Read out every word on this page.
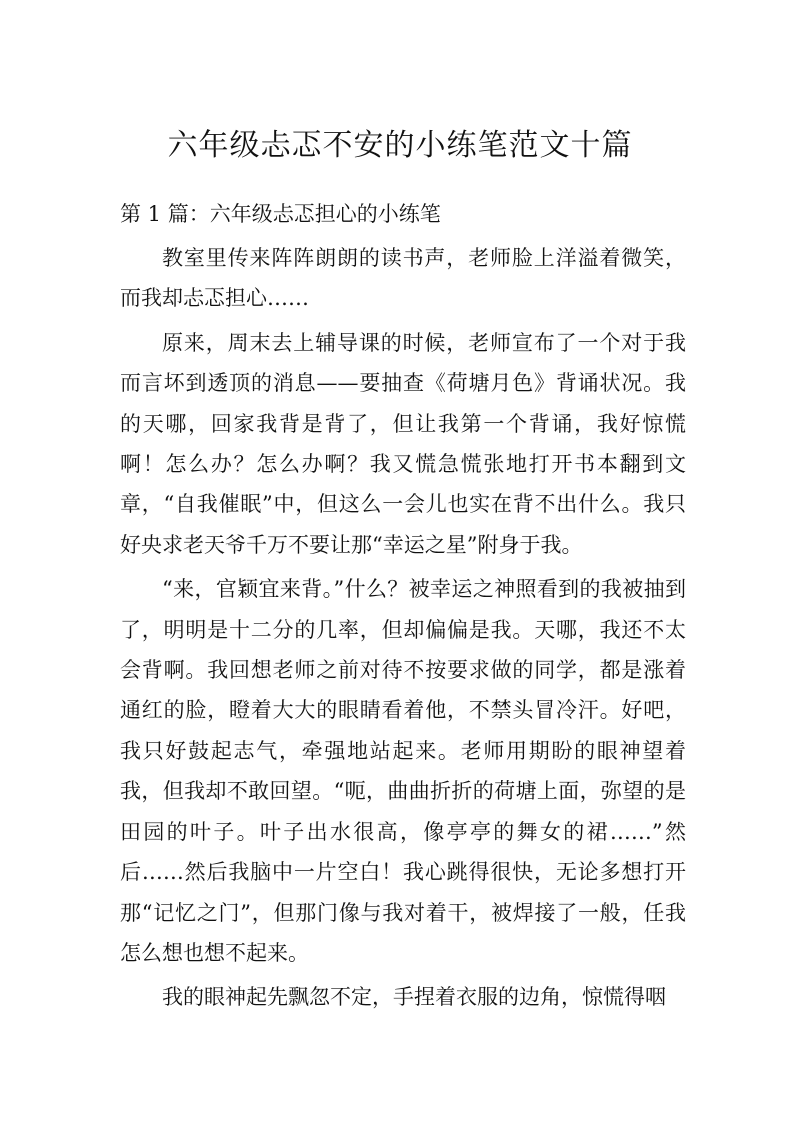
六年级忐忑不安的小练笔范文十篇

第 1 篇：六年级忐忑担心的小练笔

教室里传来阵阵朗朗的读书声，老师脸上洋溢着微笑，而我却忐忑担心……

原来，周末去上辅导课的时候，老师宣布了一个对于我而言坏到透顶的消息——要抽查《荷塘月色》背诵状况。我的天哪，回家我背是背了，但让我第一个背诵，我好惊慌啊！怎么办？怎么办啊？我又慌急慌张地打开书本翻到文章，“自我催眠”中，但这么一会儿也实在背不出什么。我只好央求老天爷千万不要让那“幸运之星”附身于我。

“来，官颖宜来背。”什么？被幸运之神照看到的我被抽到了，明明是十二分的几率，但却偏偏是我。天哪，我还不太会背啊。我回想老师之前对待不按要求做的同学，都是涨着通红的脸，瞪着大大的眼睛看着他，不禁头冒冷汗。好吧，我只好鼓起志气，牵强地站起来。老师用期盼的眼神望着我，但我却不敢回望。“呃，曲曲折折的荷塘上面，弥望的是田园的叶子。叶子出水很高，像亭亭的舞女的裙……”然后……然后我脑中一片空白！我心跳得很快，无论多想打开那“记忆之门”，但那门像与我对着干，被焊接了一般，任我怎么想也想不起来。

我的眼神起先飘忽不定，手捏着衣服的边角，惊慌得咽
